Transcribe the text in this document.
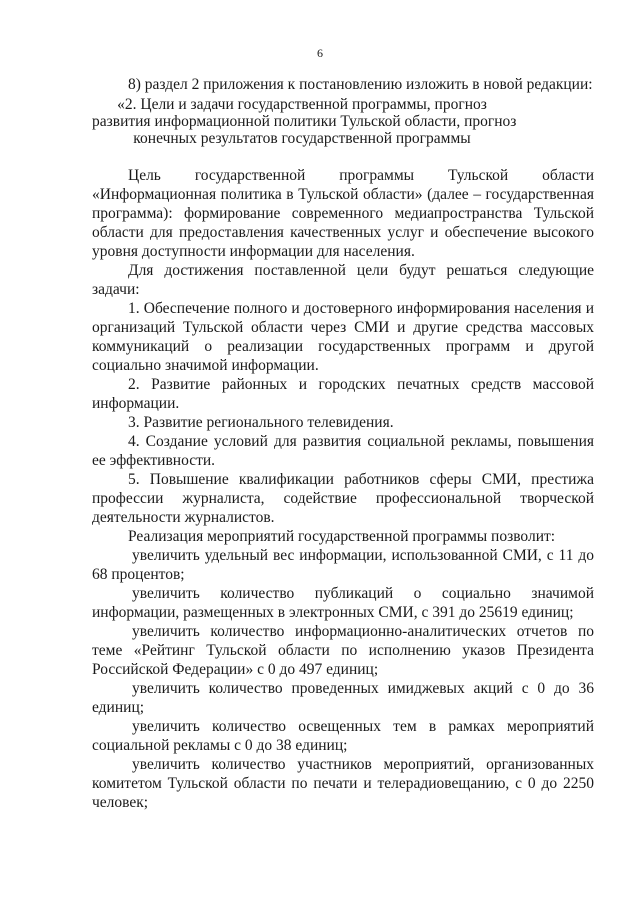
6
8) раздел 2 приложения к постановлению изложить в новой редакции:
«2. Цели и задачи государственной программы, прогноз
развития информационной политики Тульской области, прогноз
конечных результатов государственной программы

Цель государственной программы Тульской области «Информационная политика в Тульской области» (далее – государственная программа): формирование современного медиапространства Тульской области для предоставления качественных услуг и обеспечение высокого уровня доступности информации для населения.

Для достижения поставленной цели будут решаться следующие задачи:

1. Обеспечение полного и достоверного информирования населения и организаций Тульской области через СМИ и другие средства массовых коммуникаций о реализации государственных программ и другой социально значимой информации.

2. Развитие районных и городских печатных средств массовой информации.

3. Развитие регионального телевидения.

4. Создание условий для развития социальной рекламы, повышения ее эффективности.

5. Повышение квалификации работников сферы СМИ, престижа профессии журналиста, содействие профессиональной творческой деятельности журналистов.

Реализация мероприятий государственной программы позволит:

увеличить удельный вес информации, использованной СМИ, с 11 до 68 процентов;

увеличить количество публикаций о социально значимой информации, размещенных в электронных СМИ, с 391 до 25619 единиц;

увеличить количество информационно-аналитических отчетов по теме «Рейтинг Тульской области по исполнению указов Президента Российской Федерации» с 0 до 497 единиц;

увеличить количество проведенных имиджевых акций с 0 до 36 единиц;

увеличить количество освещенных тем в рамках мероприятий социальной рекламы с 0 до 38 единиц;

увеличить количество участников мероприятий, организованных комитетом Тульской области по печати и телерадиовещанию, с 0 до 2250 человек;
